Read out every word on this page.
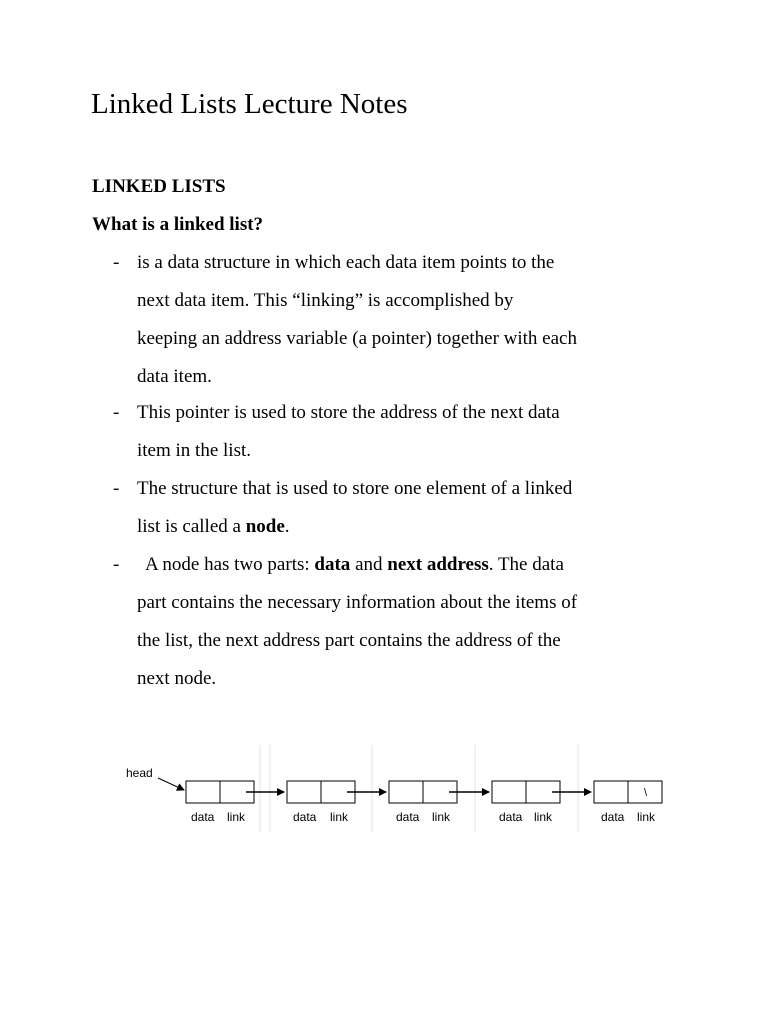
Linked Lists Lecture Notes
LINKED LISTS
What is a linked list?
- is a data structure in which each data item points to the
next data item. This “linking” is accomplished by
keeping an address variable (a pointer) together with each
data item.
- This pointer is used to store the address of the next data
item in the list.
- The structure that is used to store one element of a linked
list is called a node.
- A node has two parts: data and next address. The data
part contains the necessary information about the items of
the list, the next address part contains the address of the
next node.
head
data link	data link	data link	data link
\
data link
